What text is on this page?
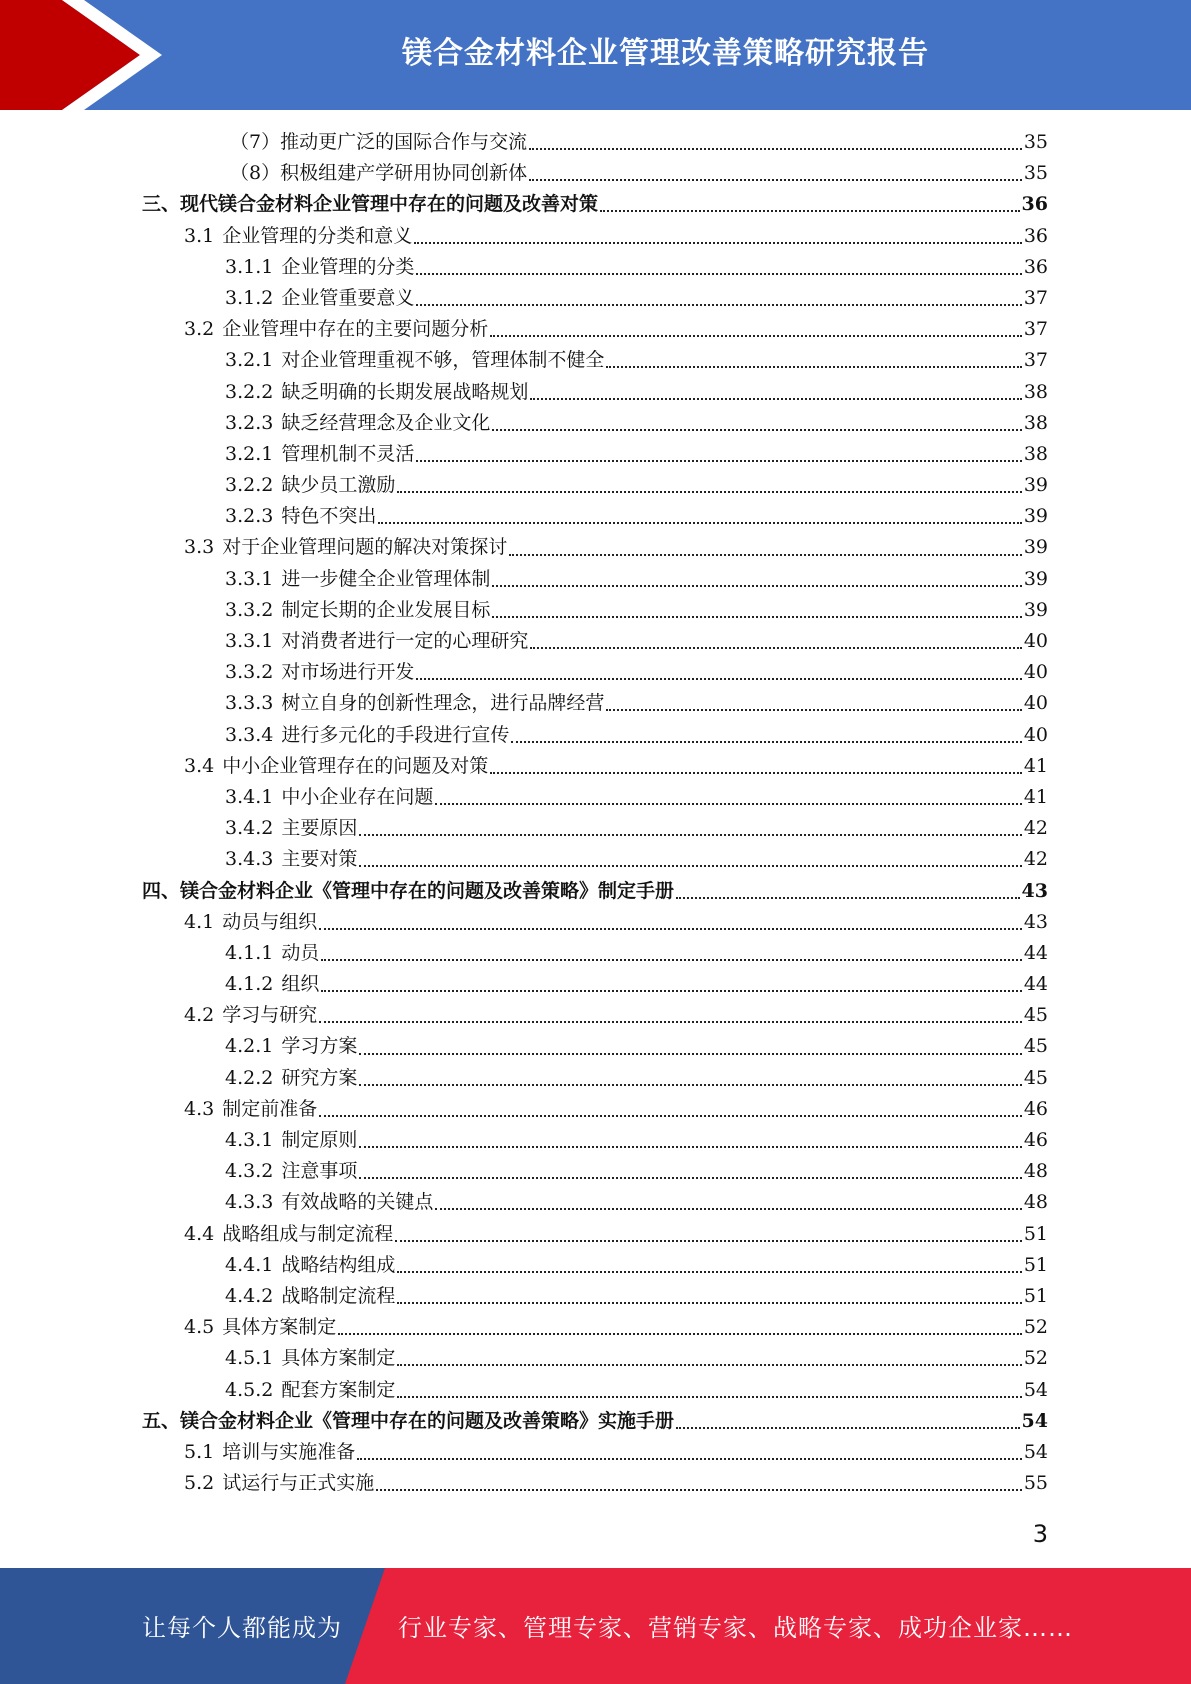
镁合金材料企业管理改善策略研究报告
（7）推动更广泛的国际合作与交流	35
（8）积极组建产学研用协同创新体	35
三、现代镁合金材料企业管理中存在的问题及改善对策	36
3.1 企业管理的分类和意义	36
3.1.1 企业管理的分类	36
3.1.2 企业管重要意义	37
3.2 企业管理中存在的主要问题分析	37
3.2.1 对企业管理重视不够，管理体制不健全	37
3.2.2 缺乏明确的长期发展战略规划	38
3.2.3 缺乏经营理念及企业文化	38
3.2.1 管理机制不灵活	38
3.2.2 缺少员工激励	39
3.2.3 特色不突出	39
3.3 对于企业管理问题的解决对策探讨	39
3.3.1 进一步健全企业管理体制	39
3.3.2 制定长期的企业发展目标	39
3.3.1 对消费者进行一定的心理研究	40
3.3.2 对市场进行开发	40
3.3.3 树立自身的创新性理念，进行品牌经营	40
3.3.4 进行多元化的手段进行宣传	40
3.4 中小企业管理存在的问题及对策	41
3.4.1 中小企业存在问题	41
3.4.2 主要原因	42
3.4.3 主要对策	42
四、镁合金材料企业《管理中存在的问题及改善策略》制定手册	43
4.1 动员与组织	43
4.1.1 动员	44
4.1.2 组织	44
4.2 学习与研究	45
4.2.1 学习方案	45
4.2.2 研究方案	45
4.3 制定前准备	46
4.3.1 制定原则	46
4.3.2 注意事项	48
4.3.3 有效战略的关键点	48
4.4 战略组成与制定流程	51
4.4.1 战略结构组成	51
4.4.2 战略制定流程	51
4.5 具体方案制定	52
4.5.1 具体方案制定	52
4.5.2 配套方案制定	54
五、镁合金材料企业《管理中存在的问题及改善策略》实施手册	54
5.1 培训与实施准备	54
5.2 试运行与正式实施	55
3
让每个人都能成为 行业专家、管理专家、营销专家、战略专家、成功企业家……
